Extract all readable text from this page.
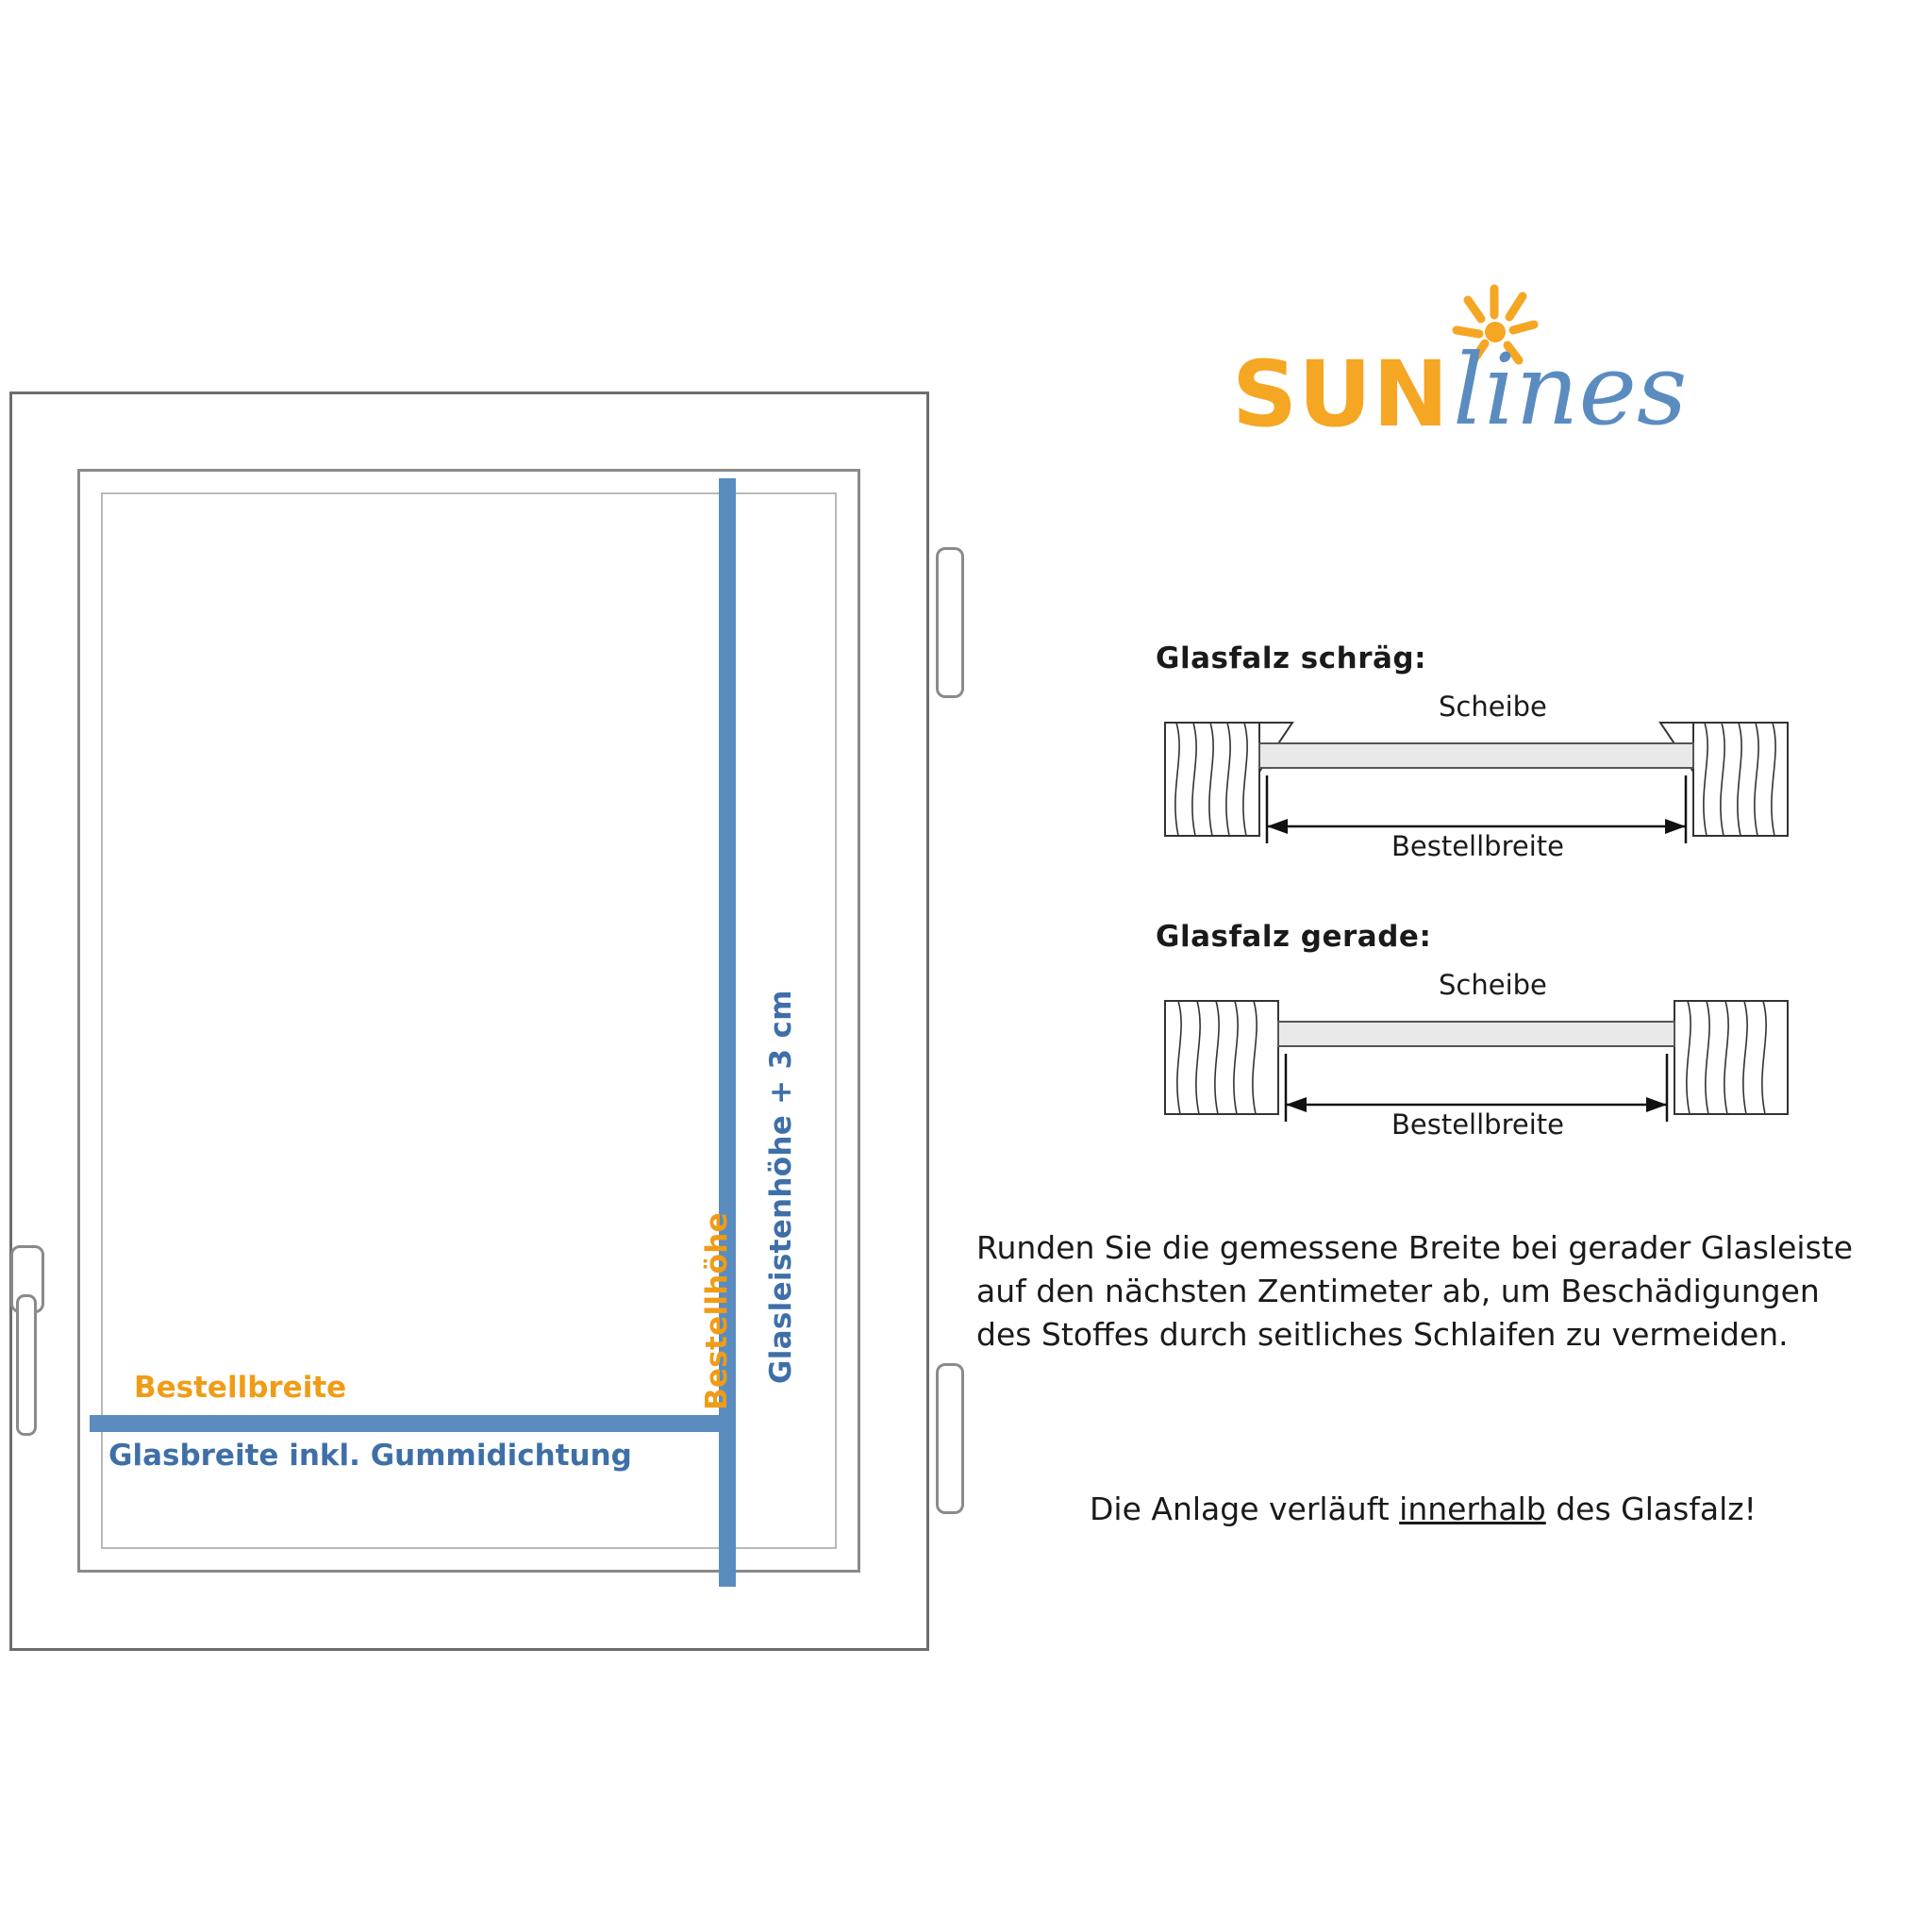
Bestellhöhe Glasleistenhöhe + 3 cm
Bestellbreite
Glasbreite inkl. Gummidichtung
SUN lines
Glasfalz schräg:
Scheibe
Bestellbreite
Glasfalz gerade:
Scheibe
Bestellbreite
Runden Sie die gemessene Breite bei gerader Glasleiste
auf den nächsten Zentimeter ab, um Beschädigungen
des Stoffes durch seitliches Schlaifen zu vermeiden.
Die Anlage verläuft innerhalb des Glasfalz!
